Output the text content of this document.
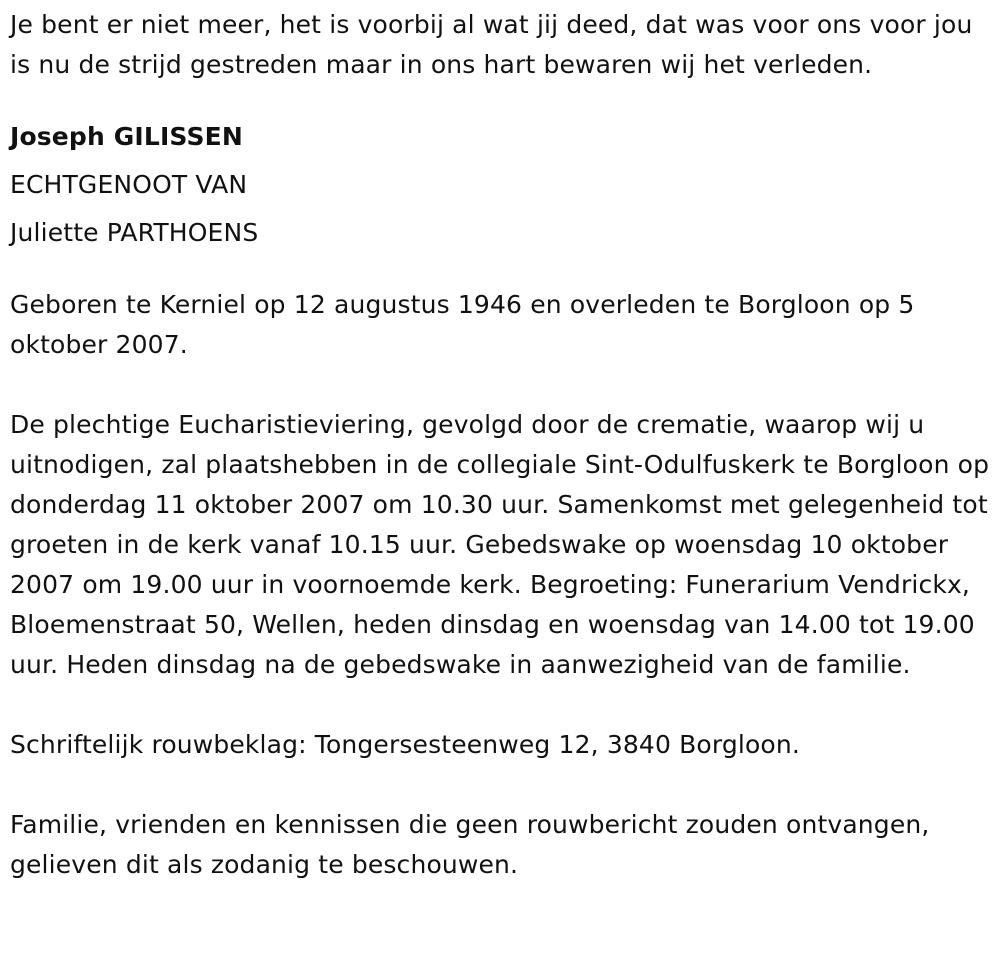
Je bent er niet meer, het is voorbij al wat jij deed, dat was voor ons voor jou is nu de strijd gestreden maar in ons hart bewaren wij het verleden.

Joseph GILISSEN

ECHTGENOOT VAN

Juliette PARTHOENS

Geboren te Kerniel op 12 augustus 1946 en overleden te Borgloon op 5 oktober 2007.

De plechtige Eucharistieviering, gevolgd door de crematie, waarop wij u uitnodigen, zal plaatshebben in de collegiale Sint-Odulfuskerk te Borgloon op donderdag 11 oktober 2007 om 10.30 uur. Samenkomst met gelegenheid tot groeten in de kerk vanaf 10.15 uur. Gebedswake op woensdag 10 oktober 2007 om 19.00 uur in voornoemde kerk. Begroeting: Funerarium Vendrickx, Bloemenstraat 50, Wellen, heden dinsdag en woensdag van 14.00 tot 19.00 uur. Heden dinsdag na de gebedswake in aanwezigheid van de familie.

Schriftelijk rouwbeklag: Tongersesteenweg 12, 3840 Borgloon.

Familie, vrienden en kennissen die geen rouwbericht zouden ontvangen, gelieven dit als zodanig te beschouwen.
